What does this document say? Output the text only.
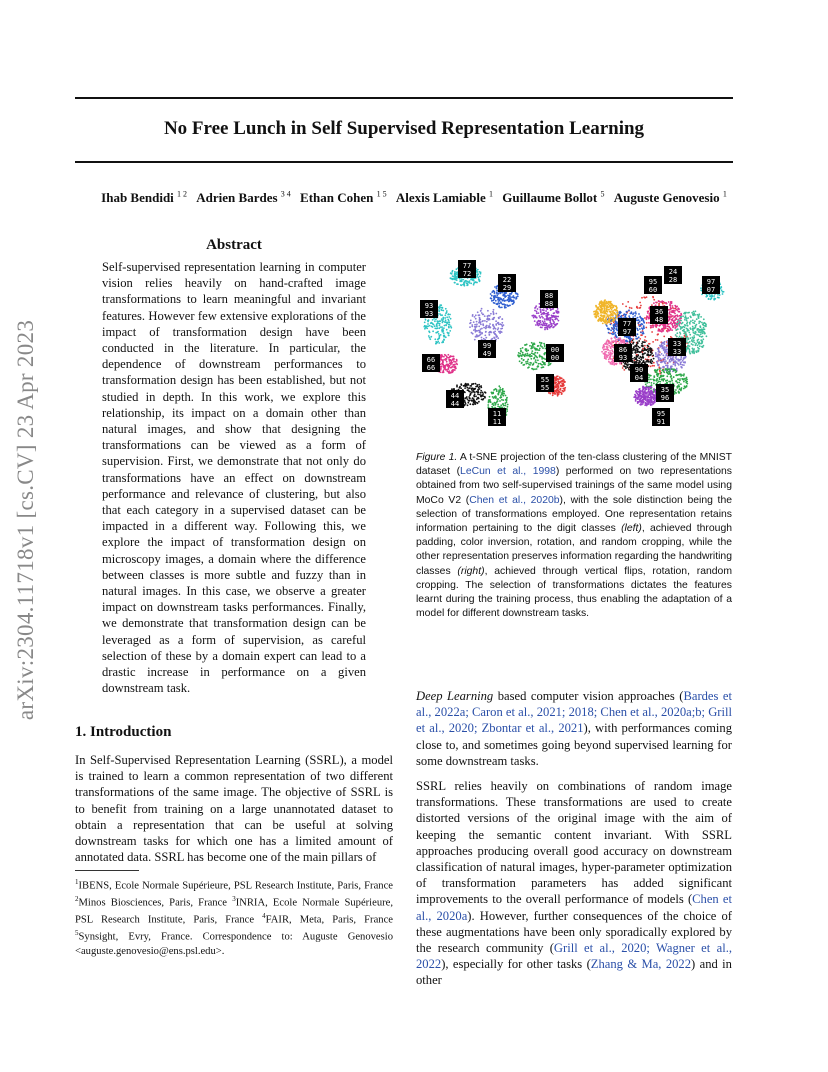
No Free Lunch in Self Supervised Representation Learning
Ihab Bendidi $^{1 2}$ Adrien Bardes $^{3 4}$ Ethan Cohen $^{1 5}$ Alexis Lamiable $^1$ Guillaume Bollot $^5$ Auguste Genovesio $^1$
arXiv:2304.11718v1 [cs.CV] 23 Apr 2023
Abstract

Self-supervised representation learning in computer vision relies heavily on hand-crafted image transformations to learn meaningful and invariant features. However few extensive explorations of the impact of transformation design have been conducted in the literature. In particular, the dependence of downstream performances to transformation design has been established, but not studied in depth. In this work, we explore this relationship, its impact on a domain other than natural images, and show that designing the transformations can be viewed as a form of supervision. First, we demonstrate that not only do transformations have an effect on downstream performance and relevance of clustering, but also that each category in a supervised dataset can be impacted in a different way. Following this, we explore the impact of transformation design on microscopy images, a domain where the difference between classes is more subtle and fuzzy than in natural images. In this case, we observe a greater impact on downstream tasks performances. Finally, we demonstrate that transformation design can be leveraged as a form of supervision, as careful selection of these by a domain expert can lead to a drastic increase in performance on a given downstream task.

1. Introduction

In Self-Supervised Representation Learning (SSRL), a model is trained to learn a common representation of two different transformations of the same image. The objective of SSRL is to benefit from training on a large unannotated dataset to obtain a representation that can be useful at solving downstream tasks for which one has a limited amount of annotated data. SSRL has become one of the main pillars of

$^1$IBENS, Ecole Normale Supérieure, PSL Research Institute, Paris, France $^2$Minos Biosciences, Paris, France $^3$INRIA, Ecole Normale Supérieure, PSL Research Institute, Paris, France $^4$FAIR, Meta, Paris, France $^5$Synsight, Evry, France. Correspondence to: Auguste Genovesio <auguste.genovesio@ens.psl.edu>.

77
72
22
29
93
93
99
49
88
88
00
00
66
66
44
44
11
11
55
55
24
28
95
60
97
07
36
48
77
97
33
33
86
93
90
04
35
96
95
91

Figure 1. A t-SNE projection of the ten-class clustering of the MNIST dataset (LeCun et al., 1998) performed on two representations obtained from two self-supervised trainings of the same model using MoCo V2 (Chen et al., 2020b), with the sole distinction being the selection of transformations employed. One representation retains information pertaining to the digit classes (left), achieved through padding, color inversion, rotation, and random cropping, while the other representation preserves information regarding the handwriting classes (right), achieved through vertical flips, rotation, random cropping. The selection of transformations dictates the features learnt during the training process, thus enabling the adaptation of a model for different downstream tasks.

Deep Learning based computer vision approaches (Bardes et al., 2022a; Caron et al., 2021; 2018; Chen et al., 2020a;b; Grill et al., 2020; Zbontar et al., 2021), with performances coming close to, and sometimes going beyond supervised learning for some downstream tasks.

SSRL relies heavily on combinations of random image transformations. These transformations are used to create distorted versions of the original image with the aim of keeping the semantic content invariant. With SSRL approaches producing overall good accuracy on downstream classification of natural images, hyper-parameter optimization of transformation parameters has added significant improvements to the overall performance of models (Chen et al., 2020a). However, further consequences of the choice of these augmentations have been only sporadically explored by the research community (Grill et al., 2020; Wagner et al., 2022), especially for other tasks (Zhang & Ma, 2022) and in other
